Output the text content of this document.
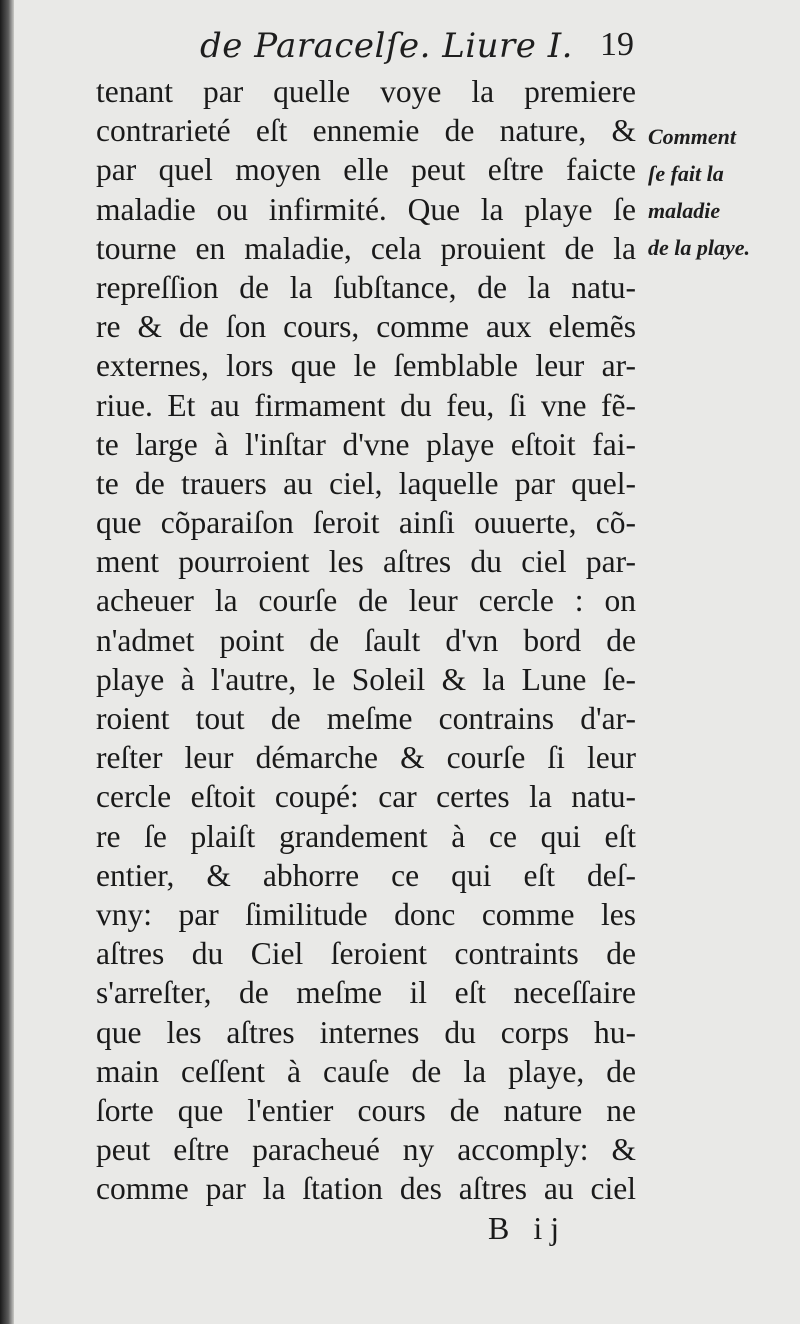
de Paracelſe. Liure I. 19
tenant par quelle voye la premiere
contrarieté eſt ennemie de nature, &
par quel moyen elle peut eſtre faicte
maladie ou infirmité. Que la playe ſe
tourne en maladie, cela prouient de la
repreſſion de la ſubſtance, de la natu-
re & de ſon cours, comme aux elemẽs
externes, lors que le ſemblable leur ar-
riue. Et au firmament du feu, ſi vne fẽ-
te large à l'inſtar d'vne playe eſtoit fai-
te de trauers au ciel, laquelle par quel-
que cõparaiſon ſeroit ainſi ouuerte, cõ-
ment pourroient les aſtres du ciel par-
acheuer la courſe de leur cercle : on
n'admet point de ſault d'vn bord de
playe à l'autre, le Soleil & la Lune ſe-
roient tout de meſme contrains d'ar-
reſter leur démarche & courſe ſi leur
cercle eſtoit coupé: car certes la natu-
re ſe plaiſt grandement à ce qui eſt
entier, & abhorre ce qui eſt deſ-
vny: par ſimilitude donc comme les
aſtres du Ciel ſeroient contraints de
s'arreſter, de meſme il eſt neceſſaire
que les aſtres internes du corps hu-
main ceſſent à cauſe de la playe, de
ſorte que l'entier cours de nature ne
peut eſtre paracheué ny accomply: &
comme par la ſtation des aſtres au ciel
Comment
ſe fait la
maladie
de la playe.
B ij
